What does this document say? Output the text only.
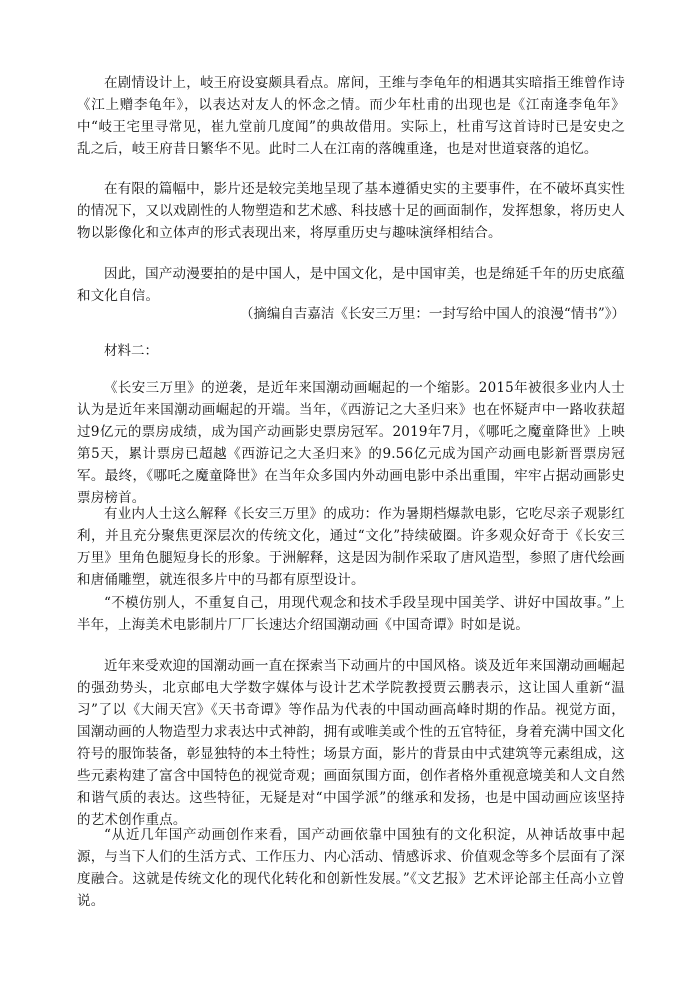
在剧情设计上，岐王府设宴颇具看点。席间，王维与李龟年的相遇其实暗指王维曾作诗《江上赠李龟年》，以表达对友人的怀念之情。而少年杜甫的出现也是《江南逢李龟年》中“岐王宅里寻常见，崔九堂前几度闻”的典故借用。实际上，杜甫写这首诗时已是安史之乱之后，岐王府昔日繁华不见。此时二人在江南的落魄重逢，也是对世道衰落的追忆。

在有限的篇幅中，影片还是较完美地呈现了基本遵循史实的主要事件，在不破坏真实性的情况下，又以戏剧性的人物塑造和艺术感、科技感十足的画面制作，发挥想象，将历史人物以影像化和立体声的形式表现出来，将厚重历史与趣味演绎相结合。

因此，国产动漫要拍的是中国人，是中国文化，是中国审美，也是绵延千年的历史底蕴和文化自信。

（摘编自吉嘉洁《长安三万里：一封写给中国人的浪漫“情书”》）

材料二：

《长安三万里》的逆袭，是近年来国潮动画崛起的一个缩影。2015年被很多业内人士认为是近年来国潮动画崛起的开端。当年，《西游记之大圣归来》也在怀疑声中一路收获超过9亿元的票房成绩，成为国产动画影史票房冠军。2019年7月，《哪吒之魔童降世》上映第5天，累计票房已超越《西游记之大圣归来》的9.56亿元成为国产动画电影新晋票房冠军。最终，《哪吒之魔童降世》在当年众多国内外动画电影中杀出重围，牢牢占据动画影史票房榜首。

有业内人士这么解释《长安三万里》的成功：作为暑期档爆款电影，它吃尽亲子观影红利，并且充分聚焦更深层次的传统文化，通过“文化”持续破圈。许多观众好奇于《长安三万里》里角色腿短身长的形象。于洲解释，这是因为制作采取了唐风造型，参照了唐代绘画和唐俑雕塑，就连很多片中的马都有原型设计。

“不模仿别人，不重复自己，用现代观念和技术手段呈现中国美学、讲好中国故事。”上半年，上海美术电影制片厂厂长速达介绍国潮动画《中国奇谭》时如是说。

近年来受欢迎的国潮动画一直在探索当下动画片的中国风格。谈及近年来国潮动画崛起的强劲势头，北京邮电大学数字媒体与设计艺术学院教授贾云鹏表示，这让国人重新“温习”了以《大闹天宫》《天书奇谭》等作品为代表的中国动画高峰时期的作品。视觉方面，国潮动画的人物造型力求表达中式神韵，拥有或唯美或个性的五官特征，身着充满中国文化符号的服饰装备，彰显独特的本土特性；场景方面，影片的背景由中式建筑等元素组成，这些元素构建了富含中国特色的视觉奇观；画面氛围方面，创作者格外重视意境美和人文自然和谐气质的表达。这些特征，无疑是对“中国学派”的继承和发扬，也是中国动画应该坚持的艺术创作重点。

“从近几年国产动画创作来看，国产动画依靠中国独有的文化积淀，从神话故事中起源，与当下人们的生活方式、工作压力、内心活动、情感诉求、价值观念等多个层面有了深度融合。这就是传统文化的现代化转化和创新性发展。”《文艺报》艺术评论部主任高小立曾说。
